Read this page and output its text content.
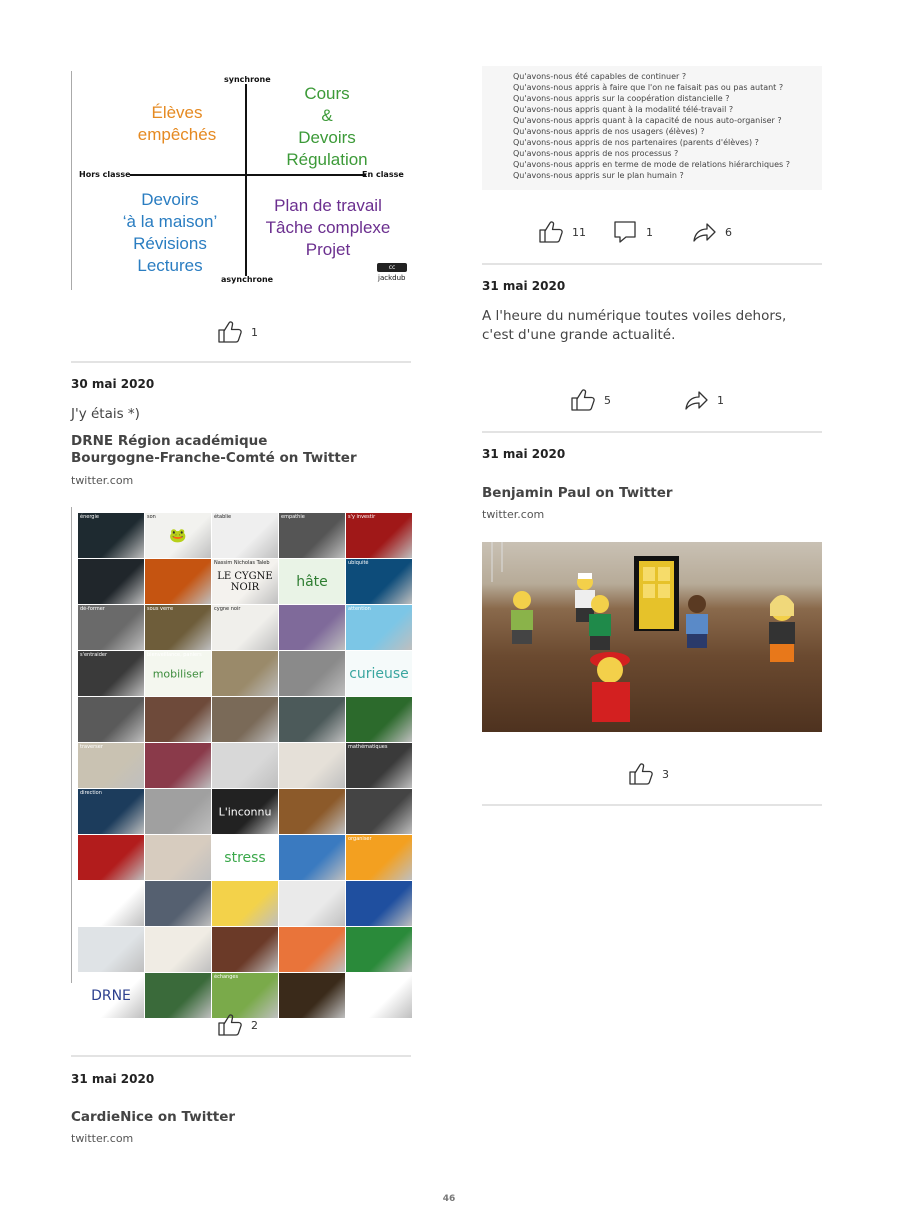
synchrone
asynchrone
Hors classe	En classe
Élèves
empêchés
Cours
&
Devoirs
Régulation
Devoirs
‘à la maison’
Révisions
Lectures
Plan de travail
Tâche complexe
Projet
cc
jackdub
1
30 mai 2020
J'y étais *)
DRNE Région académique
Bourgogne-Franche-Comté on Twitter
twitter.com
énergie	son
🐸
établie	empathie	s'y investir
Nassim Nicholas Taleb
LE CYGNE NOIR	hâte
ubiquité
dé-former	sous verre	cygne noir	attention
s'entraider	bienveillance, paniers
mobiliser	curieuse
traverser	mathématiques
direction
L'inconnu
stress
organiser
collaboration
DRNE
échanges
2
31 mai 2020
CardieNice on Twitter
twitter.com
Qu'avons-nous été capables de continuer ?
Qu'avons-nous appris à faire que l'on ne faisait pas ou pas autant ?
Qu'avons-nous appris sur la coopération distancielle ?
Qu'avons-nous appris quant à la modalité télé-travail ?
Qu'avons-nous appris quant à la capacité de nous auto-organiser ?
Qu'avons-nous appris de nos usagers (élèves) ?
Qu'avons-nous appris de nos partenaires (parents d'élèves) ?
Qu'avons-nous appris de nos processus ?
Qu'avons-nous appris en terme de mode de relations hiérarchiques ?
Qu'avons-nous appris sur le plan humain ?
11	1	6
31 mai 2020
A l'heure du numérique toutes voiles dehors, c'est d'une grande actualité.
5	1
31 mai 2020
Benjamin Paul on Twitter
twitter.com
3
46
